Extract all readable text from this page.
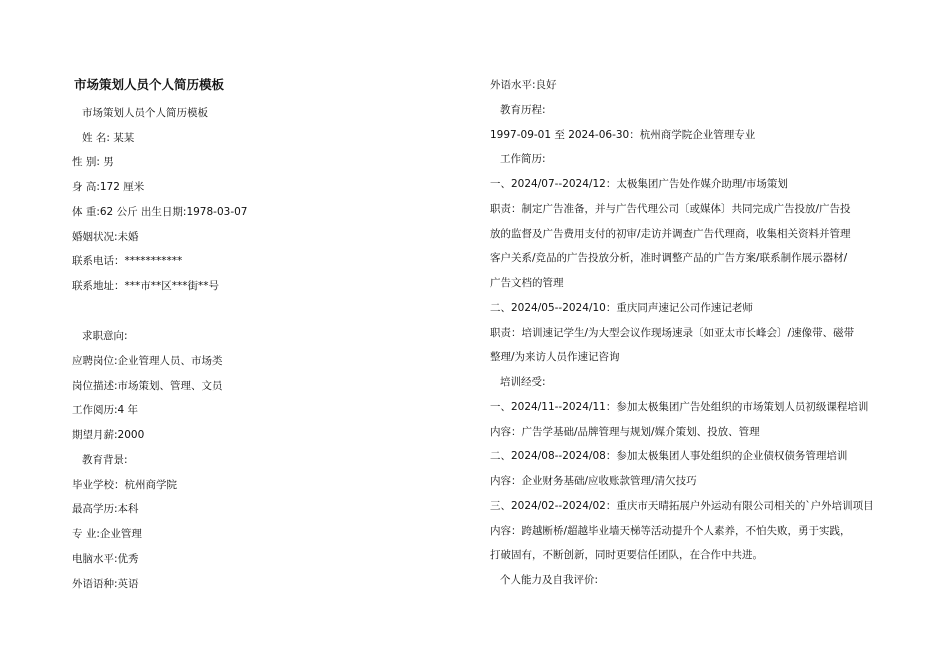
市场策划人员个人简历模板
市场策划人员个人简历模板
姓 名: 某某
性 别: 男
身 高:172 厘米
体 重:62 公斤 出生日期:1978-03-07
婚姻状况:未婚
联系电话：***********
联系地址：***市**区***街**号
求职意向:
应聘岗位:企业管理人员、市场类
岗位描述:市场策划、管理、文员
工作阅历:4 年
期望月薪:2000
教育背景:
毕业学校：杭州商学院
最高学历:本科
专 业:企业管理
电脑水平:优秀
外语语种:英语
外语水平:良好
教育历程:
1997-09-01 至 2024-06-30：杭州商学院企业管理专业
工作简历:
一、2024/07--2024/12：太极集团广告处作媒介助理/市场策划
职责：制定广告准备，并与广告代理公司〔或媒体〕共同完成广告投放/广告投
放的监督及广告费用支付的初审/走访并调查广告代理商，收集相关资料并管理
客户关系/竞品的广告投放分析，准时调整产品的广告方案/联系制作展示器材/
广告文档的管理
二、2024/05--2024/10：重庆同声速记公司作速记老师
职责：培训速记学生/为大型会议作现场速录〔如亚太市长峰会〕/速像带、磁带
整理/为来访人员作速记咨询
培训经受:
一、2024/11--2024/11：参加太极集团广告处组织的市场策划人员初级课程培训
内容：广告学基础/品牌管理与规划/媒介策划、投放、管理
二、2024/08--2024/08：参加太极集团人事处组织的企业债权债务管理培训
内容：企业财务基础/应收账款管理/清欠技巧
三、2024/02--2024/02：重庆市天晴拓展户外运动有限公司相关的`户外培训项目
内容：跨越断桥/超越毕业墙天梯等活动提升个人素养，不怕失败，勇于实践，
打破固有，不断创新，同时更要信任团队，在合作中共进。
个人能力及自我评价:
